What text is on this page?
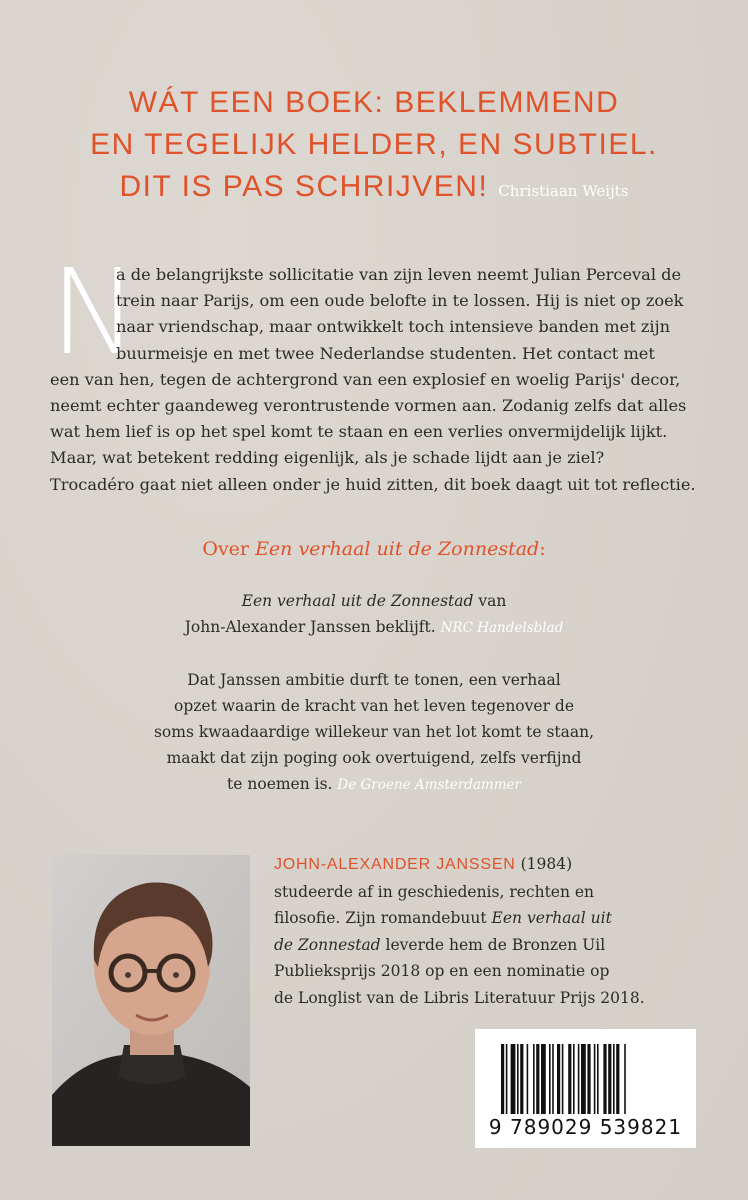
WÁT EEN BOEK: BEKLEMMEND
EN TEGELIJK HELDER, EN SUBTIEL.
DIT IS PAS SCHRIJVEN! Christiaan Weijts
N
a de belangrijkste sollicitatie van zijn leven neemt Julian Perceval de
trein naar Parijs, om een oude belofte in te lossen. Hij is niet op zoek
naar vriendschap, maar ontwikkelt toch intensieve banden met zijn
buurmeisje en met twee Nederlandse studenten. Het contact met
een van hen, tegen de achtergrond van een explosief en woelig Parijs' decor,
neemt echter gaandeweg verontrustende vormen aan. Zodanig zelfs dat alles
wat hem lief is op het spel komt te staan en een verlies onvermijdelijk lijkt.
Maar, wat betekent redding eigenlijk, als je schade lijdt aan je ziel?
Trocadéro gaat niet alleen onder je huid zitten, dit boek daagt uit tot reflectie.
Over Een verhaal uit de Zonnestad:
Een verhaal uit de Zonnestad van
John-Alexander Janssen beklijft. NRC Handelsblad
Dat Janssen ambitie durft te tonen, een verhaal
opzet waarin de kracht van het leven tegenover de
soms kwaadaardige willekeur van het lot komt te staan,
maakt dat zijn poging ook overtuigend, zelfs verfijnd
te noemen is. De Groene Amsterdammer
JOHN-ALEXANDER JANSSEN (1984)
studeerde af in geschiedenis, rechten en
filosofie. Zijn romandebuut Een verhaal uit
de Zonnestad leverde hem de Bronzen Uil
Publieksprijs 2018 op en een nominatie op
de Longlist van de Libris Literatuur Prijs 2018.
9 789029 539821
